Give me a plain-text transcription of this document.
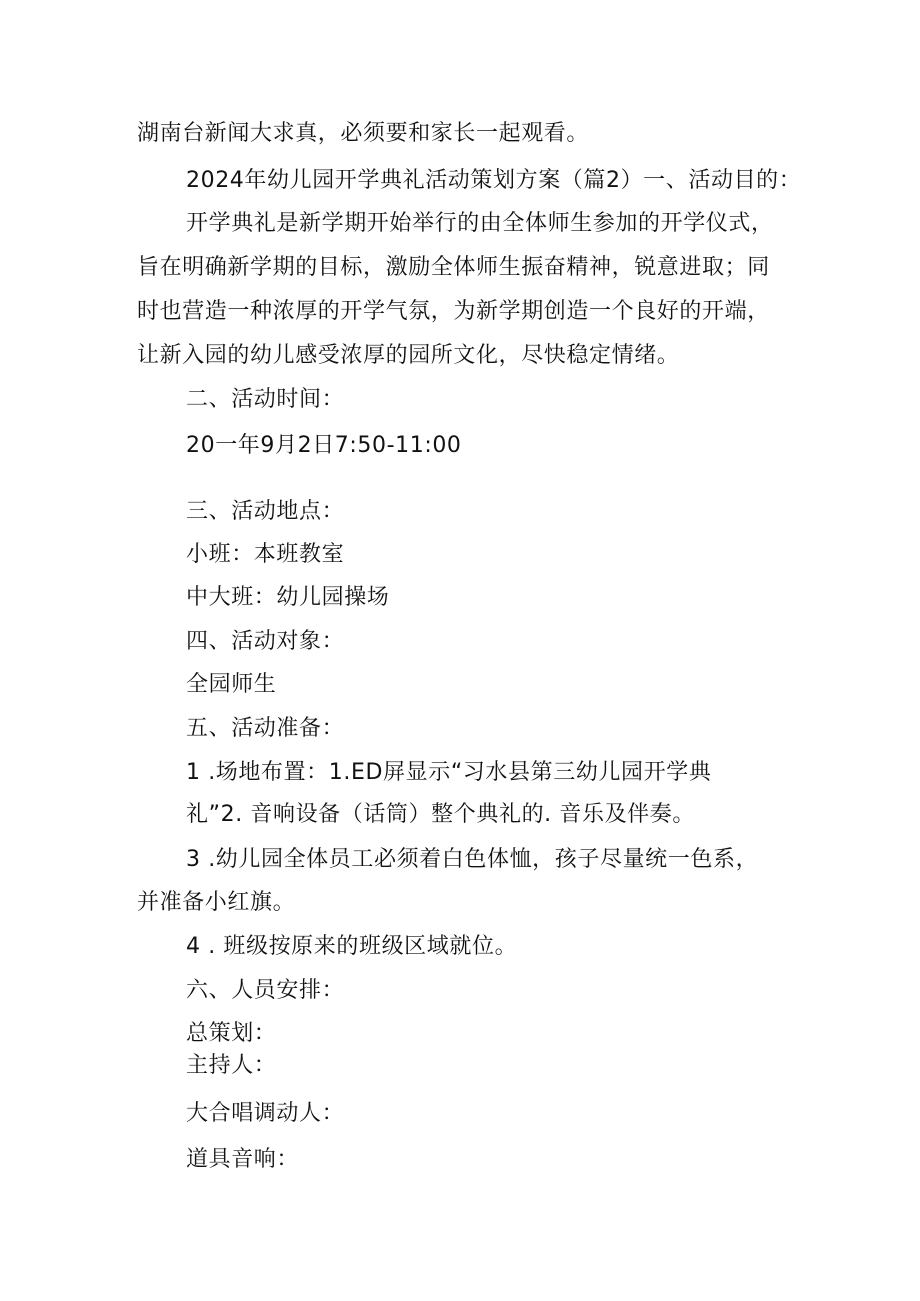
湖南台新闻大求真，必须要和家长一起观看。

2024年幼儿园开学典礼活动策划方案（篇2）一、活动目的：

开学典礼是新学期开始举行的由全体师生参加的开学仪式，

旨在明确新学期的目标，激励全体师生振奋精神，锐意进取；同

时也营造一种浓厚的开学气氛，为新学期创造一个良好的开端，

让新入园的幼儿感受浓厚的园所文化，尽快稳定情绪。

二、活动时间：

20一年9月2日7:50-11:00

三、活动地点：

小班：本班教室

中大班：幼儿园操场

四、活动对象：

全园师生

五、活动准备：

1 .场地布置：1.ED屏显示“习水县第三幼儿园开学典

礼”2. 音响设备（话筒）整个典礼的. 音乐及伴奏。

3 .幼儿园全体员工必须着白色体恤，孩子尽量统一色系，

并准备小红旗。

4 . 班级按原来的班级区域就位。

六、人员安排：

总策划：

主持人：

大合唱调动人：

道具音响：
